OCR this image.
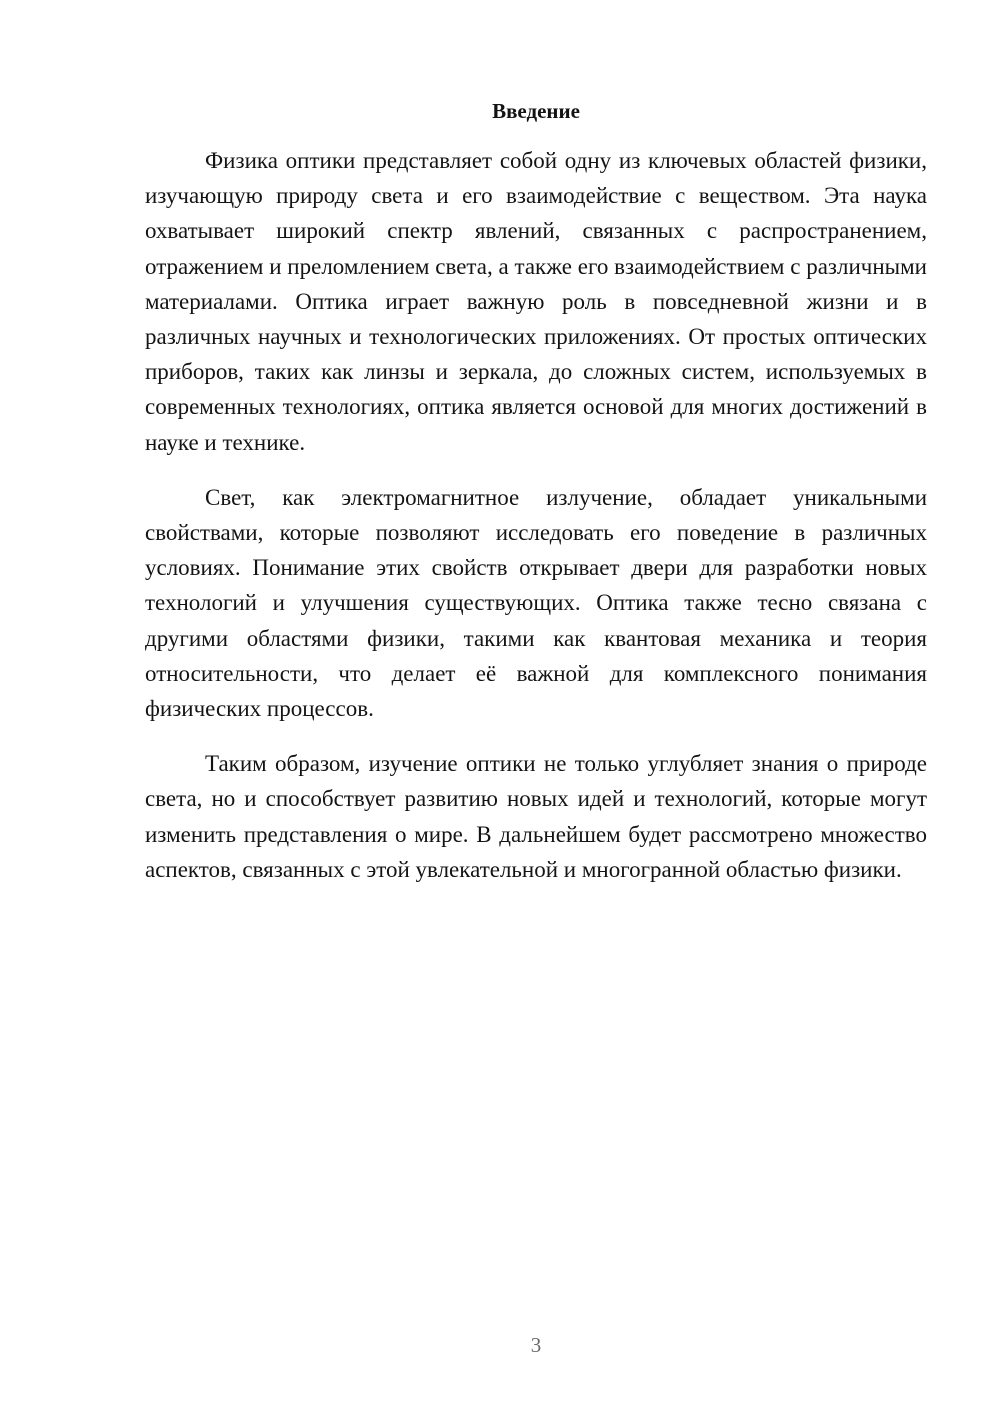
Введение

Физика оптики представляет собой одну из ключевых областей физики, изучающую природу света и его взаимодействие с веществом. Эта наука охватывает широкий спектр явлений, связанных с распространением, отражением и преломлением света, а также его взаимодействием с различными материалами. Оптика играет важную роль в повседневной жизни и в различных научных и технологических приложениях. От простых оптических приборов, таких как линзы и зеркала, до сложных систем, используемых в современных технологиях, оптика является основой для многих достижений в науке и технике.

Свет, как электромагнитное излучение, обладает уникальными свойствами, которые позволяют исследовать его поведение в различных условиях. Понимание этих свойств открывает двери для разработки новых технологий и улучшения существующих. Оптика также тесно связана с другими областями физики, такими как квантовая механика и теория относительности, что делает её важной для комплексного понимания физических процессов.

Таким образом, изучение оптики не только углубляет знания о природе света, но и способствует развитию новых идей и технологий, которые могут изменить представления о мире. В дальнейшем будет рассмотрено множество аспектов, связанных с этой увлекательной и многогранной областью физики.

3
